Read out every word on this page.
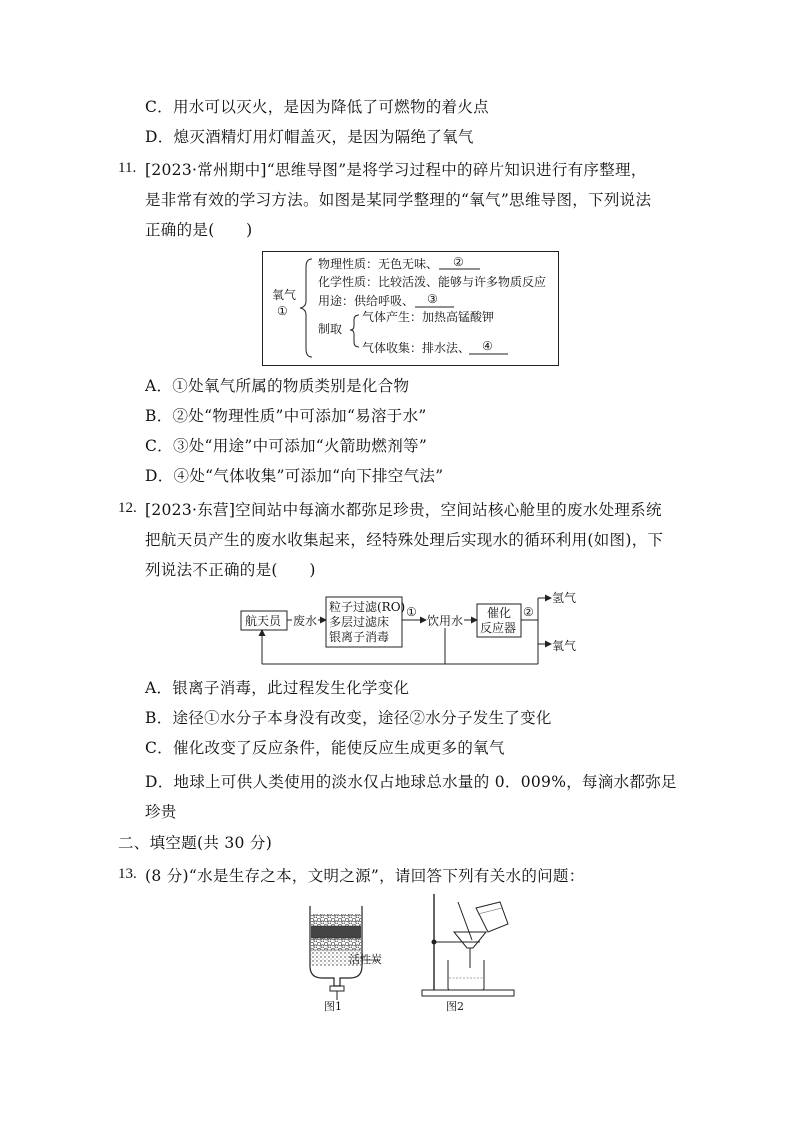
C．用水可以灭火，是因为降低了可燃物的着火点
D．熄灭酒精灯用灯帽盖灭，是因为隔绝了氧气
11. [2023·常州期中]“思维导图”是将学习过程中的碎片知识进行有序整理，
是非常有效的学习方法。如图是某同学整理的“氧气”思维导图，下列说法
正确的是(　　)
氧气
①
物理性质：无色无味、 ②
化学性质：比较活泼、能够与许多物质反应
用途：供给呼吸、 ③
制取
气体产生：加热高锰酸钾
气体收集：排水法、 ④
A．①处氧气所属的物质类别是化合物
B．②处“物理性质”中可添加“易溶于水”
C．③处“用途”中可添加“火箭助燃剂等”
D．④处“气体收集”可添加“向下排空气法”
12. [2023·东营]空间站中每滴水都弥足珍贵，空间站核心舱里的废水处理系统
把航天员产生的废水收集起来，经特殊处理后实现水的循环利用(如图)，下
列说法不正确的是(　　)
航天员 废水
粒子过滤(RO)
多层过滤床
银离子消毒
①
饮用水
催化
反应器
②
氢气
氧气
A．银离子消毒，此过程发生化学变化
B．途径①水分子本身没有改变，途径②水分子发生了变化
C．催化改变了反应条件，能使反应生成更多的氧气
D．地球上可供人类使用的淡水仅占地球总水量的 0．009%，每滴水都弥足
珍贵
二、填空题(共 30 分)
13. (8 分)“水是生存之本，文明之源”，请回答下列有关水的问题：
活性炭
图1	图2
